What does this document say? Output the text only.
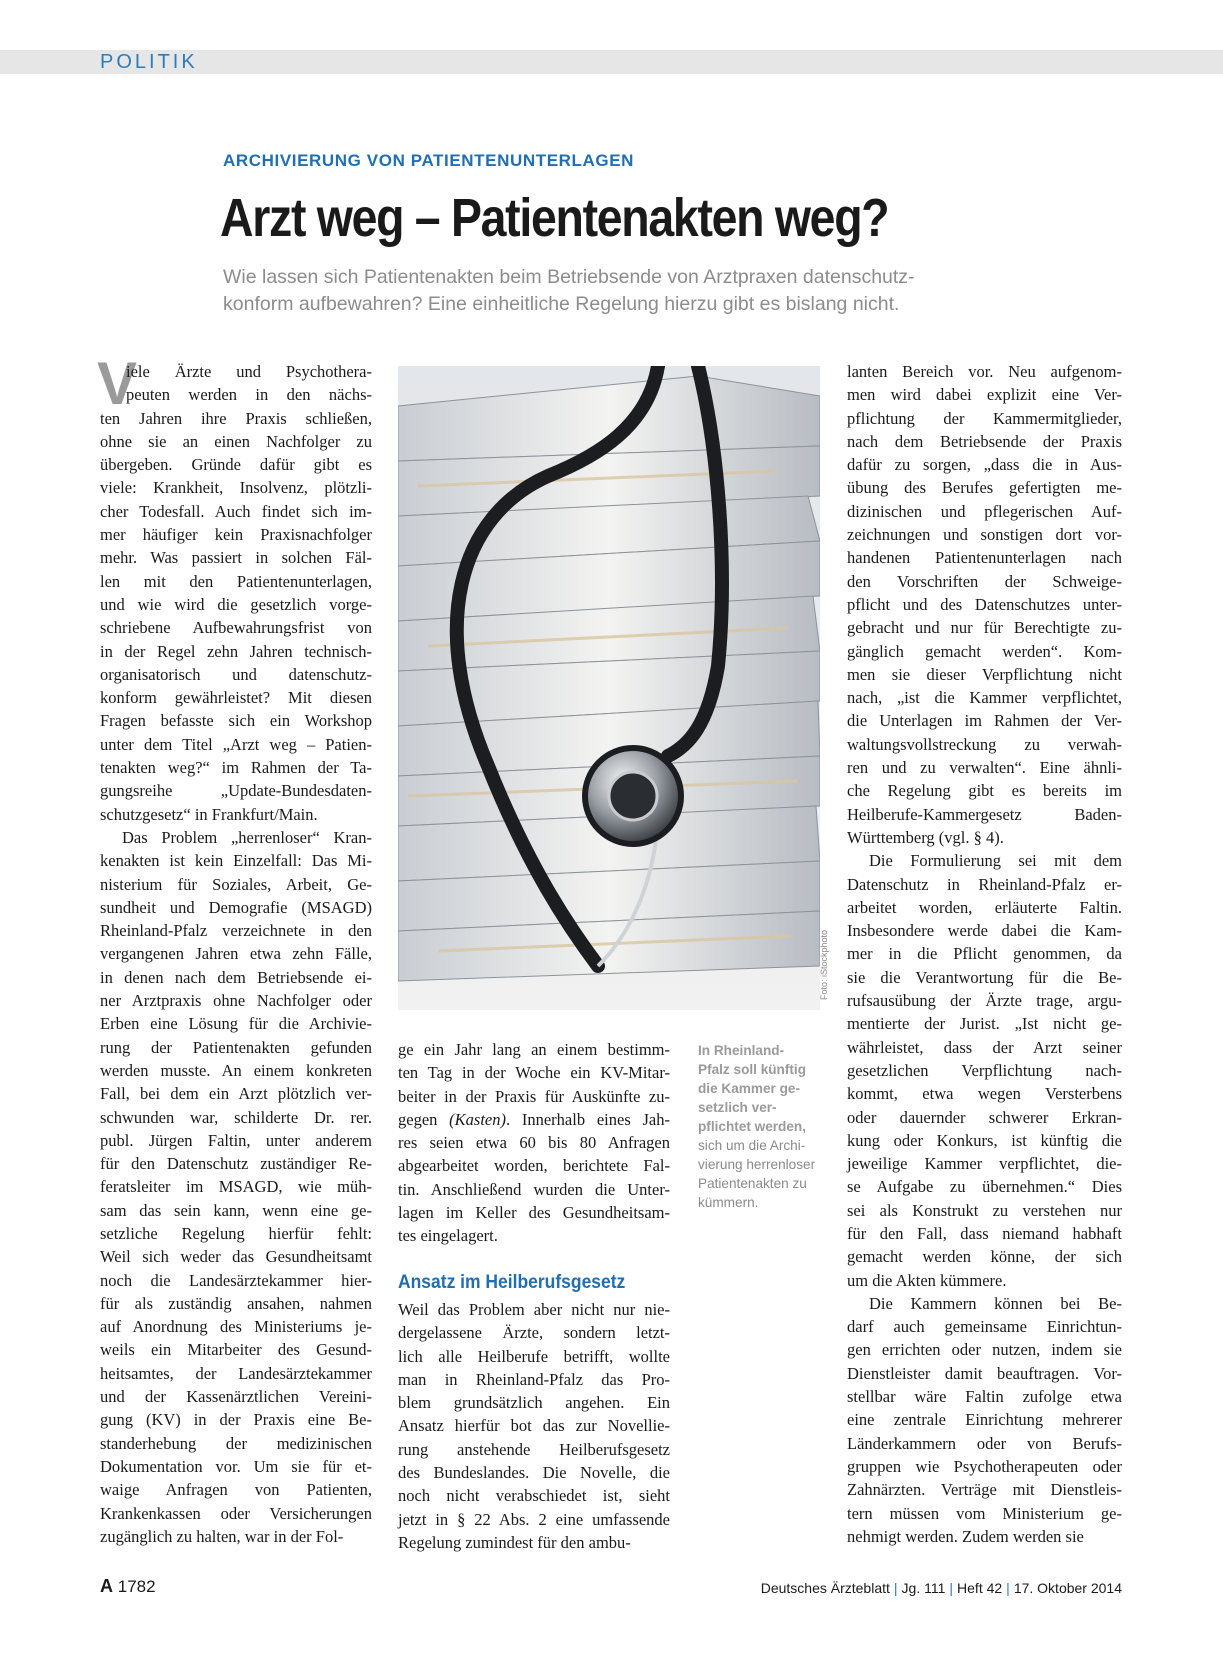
POLITIK
ARCHIVIERUNG VON PATIENTENUNTERLAGEN
Arzt weg – Patientenakten weg?

Wie lassen sich Patientenakten beim Betriebsende von Arztpraxen datenschutz-
konform aufbewahren? Eine einheitliche Regelung hierzu gibt es bislang nicht.

V
iele Ärzte und Psychothera-
peuten werden in den nächs-
ten Jahren ihre Praxis schließen,
ohne sie an einen Nachfolger zu
übergeben. Gründe dafür gibt es
viele: Krankheit, Insolvenz, plötzli-
cher Todesfall. Auch findet sich im-
mer häufiger kein Praxisnachfolger
mehr. Was passiert in solchen Fäl-
len mit den Patientenunterlagen,
und wie wird die gesetzlich vorge-
schriebene Aufbewahrungsfrist von
in der Regel zehn Jahren technisch-
organisatorisch und datenschutz-
konform gewährleistet? Mit diesen
Fragen befasste sich ein Workshop
unter dem Titel „Arzt weg – Patien-
tenakten weg?“ im Rahmen der Ta-
gungsreihe „Update-Bundesdaten-
schutzgesetz“ in Frankfurt/Main.
Das Problem „herrenloser“ Kran-
kenakten ist kein Einzelfall: Das Mi-
nisterium für Soziales, Arbeit, Ge-
sundheit und Demografie (MSAGD)
Rheinland-Pfalz verzeichnete in den
vergangenen Jahren etwa zehn Fälle,
in denen nach dem Betriebsende ei-
ner Arztpraxis ohne Nachfolger oder
Erben eine Lösung für die Archivie-
rung der Patientenakten gefunden
werden musste. An einem konkreten
Fall, bei dem ein Arzt plötzlich ver-
schwunden war, schilderte Dr. rer.
publ. Jürgen Faltin, unter anderem
für den Datenschutz zuständiger Re-
feratsleiter im MSAGD, wie müh-
sam das sein kann, wenn eine ge-
setzliche Regelung hierfür fehlt:
Weil sich weder das Gesundheitsamt
noch die Landesärztekammer hier-
für als zuständig ansahen, nahmen
auf Anordnung des Ministeriums je-
weils ein Mitarbeiter des Gesund-
heitsamtes, der Landesärztekammer
und der Kassenärztlichen Vereini-
gung (KV) in der Praxis eine Be-
standerhebung der medizinischen
Dokumentation vor. Um sie für et-
waige Anfragen von Patienten,
Krankenkassen oder Versicherungen
zugänglich zu halten, war in der Fol-
Foto: iStockphoto
In Rheinland-
Pfalz soll künftig
die Kammer ge-
setzlich ver-
pflichtet werden,
sich um die Archi-
vierung herrenloser
Patientenakten zu
kümmern.
ge ein Jahr lang an einem bestimm-
ten Tag in der Woche ein KV-Mitar-
beiter in der Praxis für Auskünfte zu-
gegen (Kasten). Innerhalb eines Jah-
res seien etwa 60 bis 80 Anfragen
abgearbeitet worden, berichtete Fal-
tin. Anschließend wurden die Unter-
lagen im Keller des Gesundheitsam-
tes eingelagert.
Ansatz im Heilberufsgesetz
Weil das Problem aber nicht nur nie-
dergelassene Ärzte, sondern letzt-
lich alle Heilberufe betrifft, wollte
man in Rheinland-Pfalz das Pro-
blem grundsätzlich angehen. Ein
Ansatz hierfür bot das zur Novellie-
rung anstehende Heilberufsgesetz
des Bundeslandes. Die Novelle, die
noch nicht verabschiedet ist, sieht
jetzt in § 22 Abs. 2 eine umfassende
Regelung zumindest für den ambu-
lanten Bereich vor. Neu aufgenom-
men wird dabei explizit eine Ver-
pflichtung der Kammermitglieder,
nach dem Betriebsende der Praxis
dafür zu sorgen, „dass die in Aus-
übung des Berufes gefertigten me-
dizinischen und pflegerischen Auf-
zeichnungen und sonstigen dort vor-
handenen Patientenunterlagen nach
den Vorschriften der Schweige-
pflicht und des Datenschutzes unter-
gebracht und nur für Berechtigte zu-
gänglich gemacht werden“. Kom-
men sie dieser Verpflichtung nicht
nach, „ist die Kammer verpflichtet,
die Unterlagen im Rahmen der Ver-
waltungsvollstreckung zu verwah-
ren und zu verwalten“. Eine ähnli-
che Regelung gibt es bereits im
Heilberufe-Kammergesetz Baden-
Württemberg (vgl. § 4).
Die Formulierung sei mit dem
Datenschutz in Rheinland-Pfalz er-
arbeitet worden, erläuterte Faltin.
Insbesondere werde dabei die Kam-
mer in die Pflicht genommen, da
sie die Verantwortung für die Be-
rufsausübung der Ärzte trage, argu-
mentierte der Jurist. „Ist nicht ge-
währleistet, dass der Arzt seiner
gesetzlichen Verpflichtung nach-
kommt, etwa wegen Versterbens
oder dauernder schwerer Erkran-
kung oder Konkurs, ist künftig die
jeweilige Kammer verpflichtet, die-
se Aufgabe zu übernehmen.“ Dies
sei als Konstrukt zu verstehen nur
für den Fall, dass niemand habhaft
gemacht werden könne, der sich
um die Akten kümmere.
Die Kammern können bei Be-
darf auch gemeinsame Einrichtun-
gen errichten oder nutzen, indem sie
Dienstleister damit beauftragen. Vor-
stellbar wäre Faltin zufolge etwa
eine zentrale Einrichtung mehrerer
Länderkammern oder von Berufs-
gruppen wie Psychotherapeuten oder
Zahnärzten. Verträge mit Dienstleis-
tern müssen vom Ministerium ge-
nehmigt werden. Zudem werden sie
A 1782	Deutsches Ärzteblatt | Jg. 111 | Heft 42 | 17. Oktober 2014
